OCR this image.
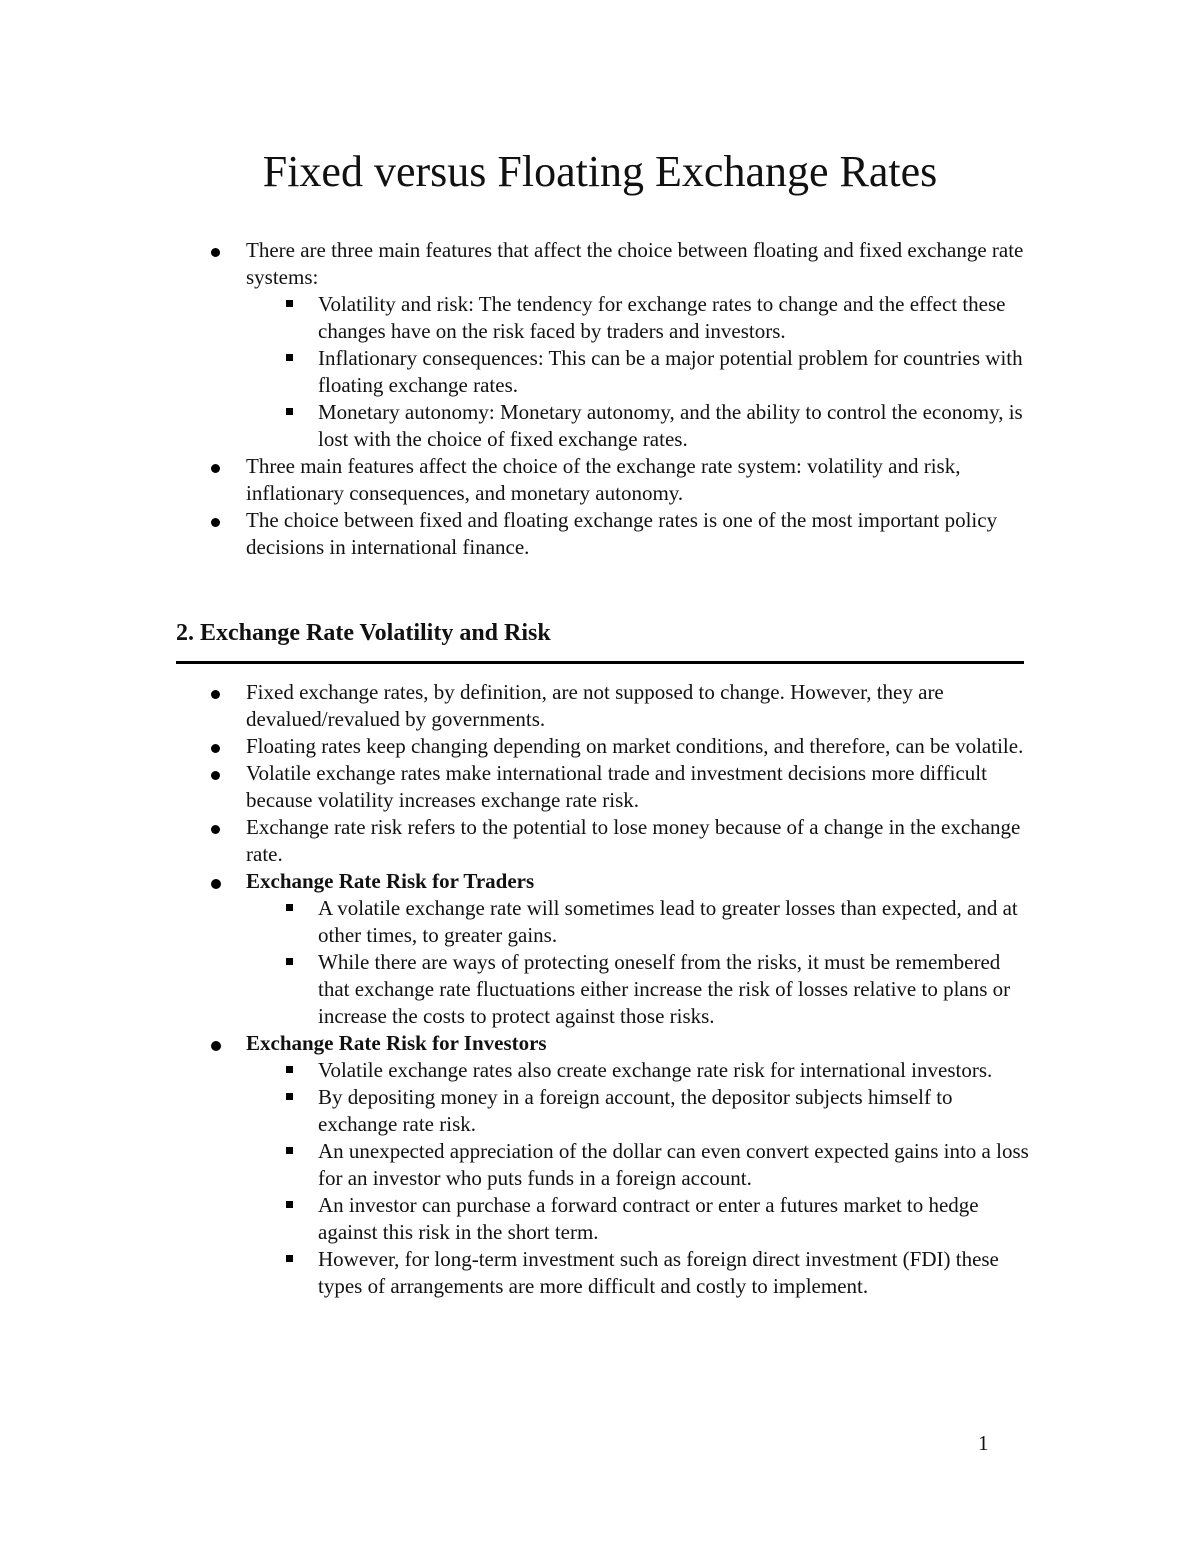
Fixed versus Floating Exchange Rates
There are three main features that affect the choice between floating and fixed exchange rate systems:
Volatility and risk: The tendency for exchange rates to change and the effect these changes have on the risk faced by traders and investors.
Inflationary consequences: This can be a major potential problem for countries with floating exchange rates.
Monetary autonomy: Monetary autonomy, and the ability to control the economy, is lost with the choice of fixed exchange rates.
Three main features affect the choice of the exchange rate system: volatility and risk, inflationary consequences, and monetary autonomy.
The choice between fixed and floating exchange rates is one of the most important policy decisions in international finance.
2. Exchange Rate Volatility and Risk
Fixed exchange rates, by definition, are not supposed to change. However, they are devalued/revalued by governments.
Floating rates keep changing depending on market conditions, and therefore, can be volatile.
Volatile exchange rates make international trade and investment decisions more difficult because volatility increases exchange rate risk.
Exchange rate risk refers to the potential to lose money because of a change in the exchange rate.
Exchange Rate Risk for Traders
A volatile exchange rate will sometimes lead to greater losses than expected, and at other times, to greater gains.
While there are ways of protecting oneself from the risks, it must be remembered that exchange rate fluctuations either increase the risk of losses relative to plans or increase the costs to protect against those risks.
Exchange Rate Risk for Investors
Volatile exchange rates also create exchange rate risk for international investors.
By depositing money in a foreign account, the depositor subjects himself to exchange rate risk.
An unexpected appreciation of the dollar can even convert expected gains into a loss for an investor who puts funds in a foreign account.
An investor can purchase a forward contract or enter a futures market to hedge against this risk in the short term.
However, for long-term investment such as foreign direct investment (FDI) these types of arrangements are more difficult and costly to implement.
1
